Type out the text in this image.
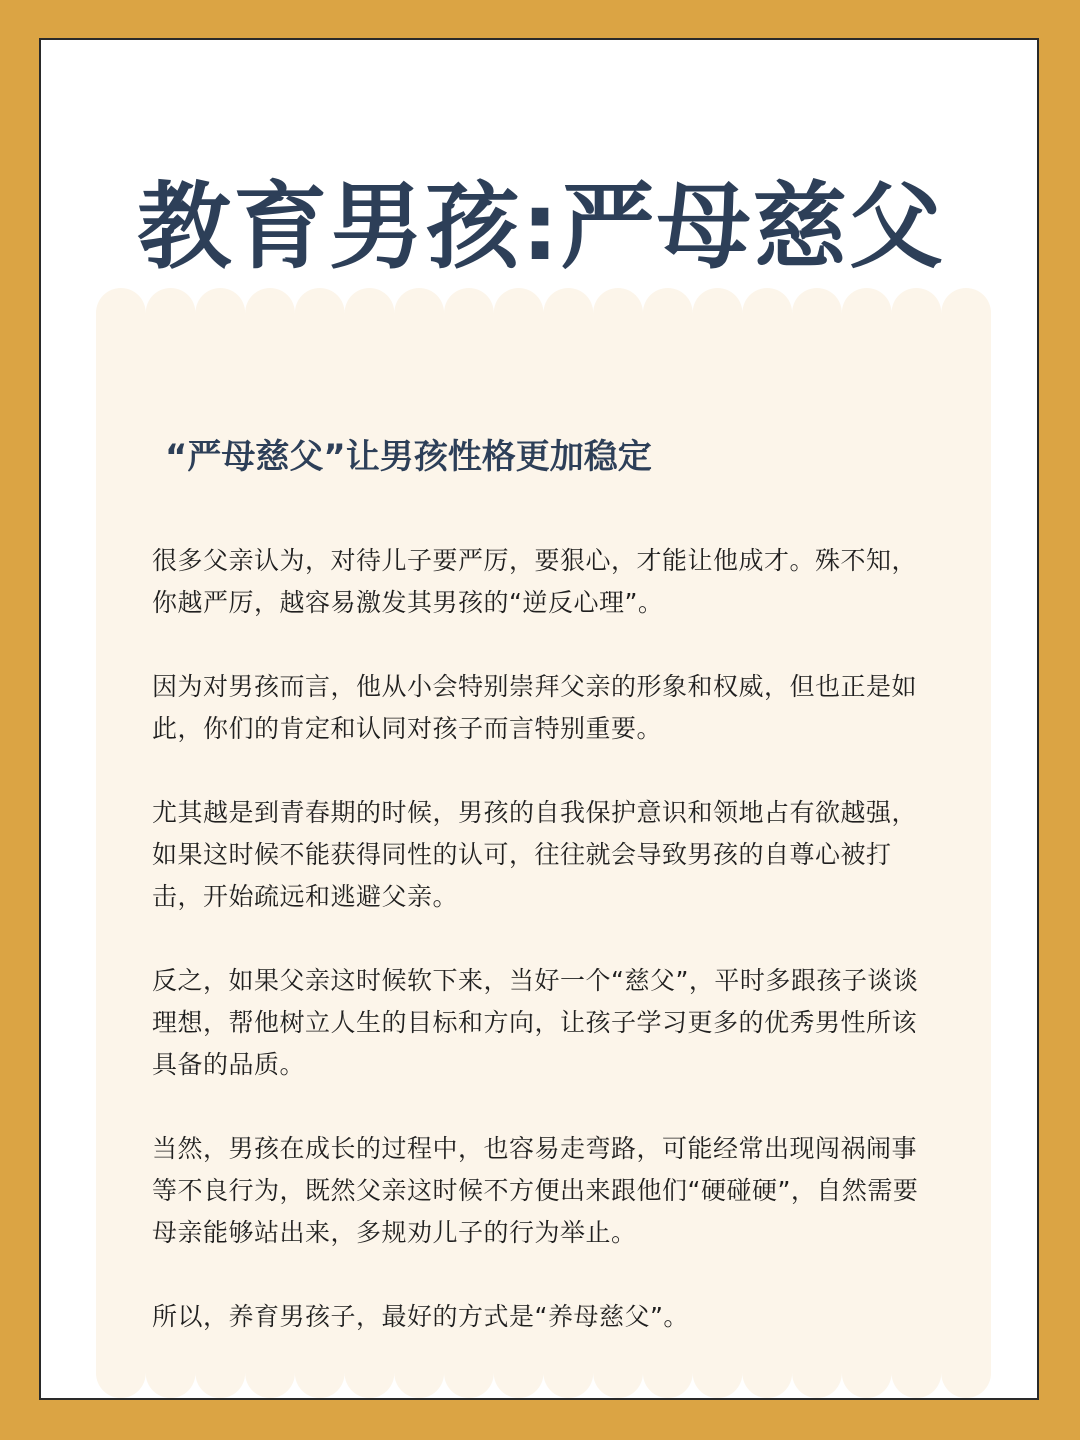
教育男孩:严母慈父
“严母慈父”让男孩性格更加稳定

很多父亲认为，对待儿子要严厉，要狠心，才能让他成才。殊不知，你越严厉，越容易激发其男孩的“逆反心理”。

因为对男孩而言，他从小会特别崇拜父亲的形象和权威，但也正是如此，你们的肯定和认同对孩子而言特别重要。

尤其越是到青春期的时候，男孩的自我保护意识和领地占有欲越强，如果这时候不能获得同性的认可，往往就会导致男孩的自尊心被打击，开始疏远和逃避父亲。

反之，如果父亲这时候软下来，当好一个“慈父”，平时多跟孩子谈谈理想，帮他树立人生的目标和方向，让孩子学习更多的优秀男性所该具备的品质。

当然，男孩在成长的过程中，也容易走弯路，可能经常出现闯祸闹事等不良行为，既然父亲这时候不方便出来跟他们“硬碰硬”，自然需要母亲能够站出来，多规劝儿子的行为举止。

所以，养育男孩子，最好的方式是“养母慈父”。
